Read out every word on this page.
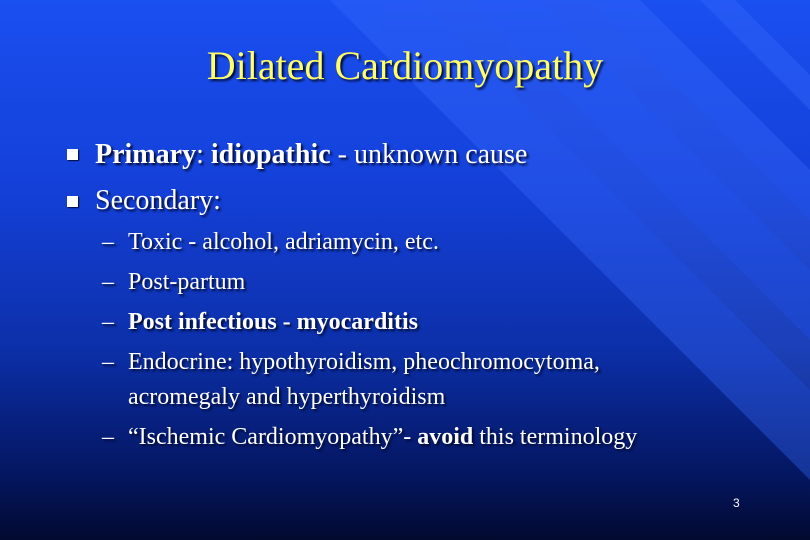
Dilated Cardiomyopathy
Primary: idiopathic - unknown cause
Secondary:
– Toxic - alcohol, adriamycin, etc.
– Post-partum
– Post infectious - myocarditis
– Endocrine: hypothyroidism, pheochromocytoma,
acromegaly and hyperthyroidism
– “Ischemic Cardiomyopathy”- avoid this terminology
3
